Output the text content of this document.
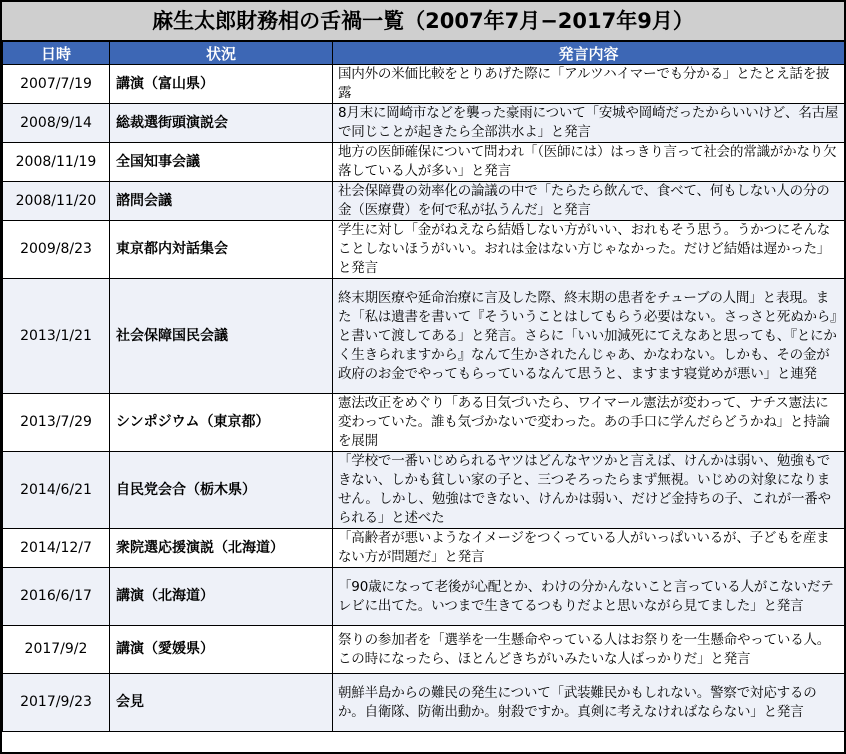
麻生太郎財務相の舌禍一覧（2007年7月−2017年9月）
日時	状況	発言内容
2007/7/19	講演（富山県）	国内外の米価比較をとりあげた際に「アルツハイマーでも分かる」とたとえ話を披露
2008/9/14	総裁選街頭演説会	8月末に岡崎市などを襲った豪雨について「安城や岡崎だったからいいけど、名古屋で同じことが起きたら全部洪水よ」と発言
2008/11/19	全国知事会議	地方の医師確保について問われ「（医師には）はっきり言って社会的常識がかなり欠落している人が多い」と発言
2008/11/20	諮問会議	社会保障費の効率化の論議の中で「たらたら飲んで、食べて、何もしない人の分の金（医療費）を何で私が払うんだ」と発言
2009/8/23	東京都内対話集会	学生に対し「金がねえなら結婚しない方がいい、おれもそう思う。うかつにそんなことしないほうがいい。おれは金はない方じゃなかった。だけど結婚は遅かった」と発言
2013/1/21	社会保障国民会議	終末期医療や延命治療に言及した際、終末期の患者をチューブの人間」と表現。また「私は遺書を書いて『そういうことはしてもらう必要はない。さっさと死ぬから』と書いて渡してある」と発言。さらに「いい加減死にてえなあと思っても、『とにかく生きられますから』なんて生かされたんじゃあ、かなわない。しかも、その金が政府のお金でやってもらっているなんて思うと、ますます寝覚めが悪い」と連発
2013/7/29	シンポジウム（東京都）	憲法改正をめぐり「ある日気づいたら、ワイマール憲法が変わって、ナチス憲法に変わっていた。誰も気づかないで変わった。あの手口に学んだらどうかね」と持論を展開
2014/6/21	自民党会合（栃木県）	「学校で一番いじめられるヤツはどんなヤツかと言えば、けんかは弱い、勉強もできない、しかも貧しい家の子と、三つそろったらまず無視。いじめの対象になりません。しかし、勉強はできない、けんかは弱い、だけど金持ちの子、これが一番やられる」と述べた
2014/12/7	衆院選応援演説（北海道）	「高齢者が悪いようなイメージをつくっている人がいっぱいいるが、子どもを産まない方が問題だ」と発言
2016/6/17	講演（北海道）	「90歳になって老後が心配とか、わけの分かんないこと言っている人がこないだテレビに出てた。いつまで生きてるつもりだよと思いながら見てました」と発言
2017/9/2	講演（愛媛県）	祭りの参加者を「選挙を一生懸命やっている人はお祭りを一生懸命やっている人。この時になったら、ほとんどきちがいみたいな人ばっかりだ」と発言
2017/9/23	会見	朝鮮半島からの難民の発生について「武装難民かもしれない。警察で対応するのか。自衛隊、防衛出動か。射殺ですか。真剣に考えなければならない」と発言
